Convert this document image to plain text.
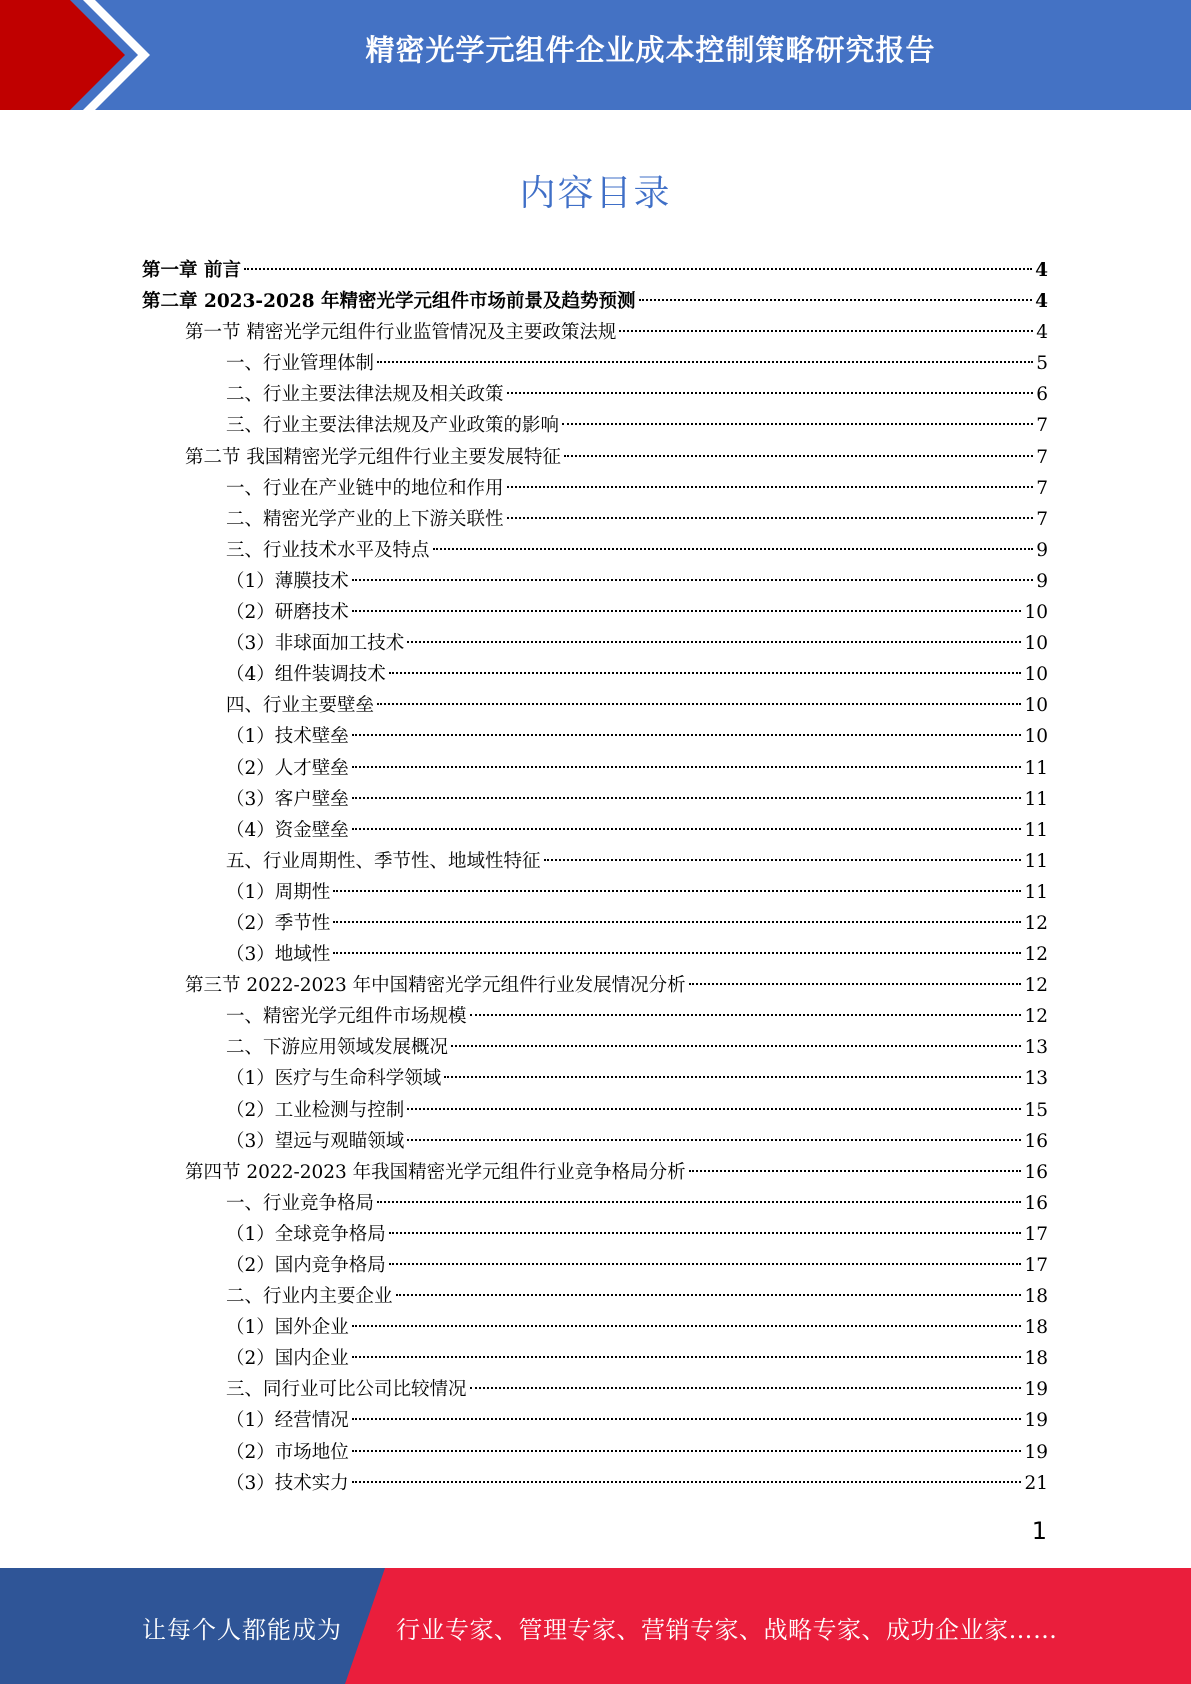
精密光学元组件企业成本控制策略研究报告
内容目录
第一章 前言	4
第二章 2023-2028 年精密光学元组件市场前景及趋势预测	4
第一节 精密光学元组件行业监管情况及主要政策法规	4
一、行业管理体制	5
二、行业主要法律法规及相关政策	6
三、行业主要法律法规及产业政策的影响	7
第二节 我国精密光学元组件行业主要发展特征	7
一、行业在产业链中的地位和作用	7
二、精密光学产业的上下游关联性	7
三、行业技术水平及特点	9
（1）薄膜技术	9
（2）研磨技术	10
（3）非球面加工技术	10
（4）组件装调技术	10
四、行业主要壁垒	10
（1）技术壁垒	10
（2）人才壁垒	11
（3）客户壁垒	11
（4）资金壁垒	11
五、行业周期性、季节性、地域性特征	11
（1）周期性	11
（2）季节性	12
（3）地域性	12
第三节 2022-2023 年中国精密光学元组件行业发展情况分析	12
一、精密光学元组件市场规模	12
二、下游应用领域发展概况	13
（1）医疗与生命科学领域	13
（2）工业检测与控制	15
（3）望远与观瞄领域	16
第四节 2022-2023 年我国精密光学元组件行业竞争格局分析	16
一、行业竞争格局	16
（1）全球竞争格局	17
（2）国内竞争格局	17
二、行业内主要企业	18
（1）国外企业	18
（2）国内企业	18
三、同行业可比公司比较情况	19
（1）经营情况	19
（2）市场地位	19
（3）技术实力	21
1
让每个人都能成为 行业专家、管理专家、营销专家、战略专家、成功企业家……
